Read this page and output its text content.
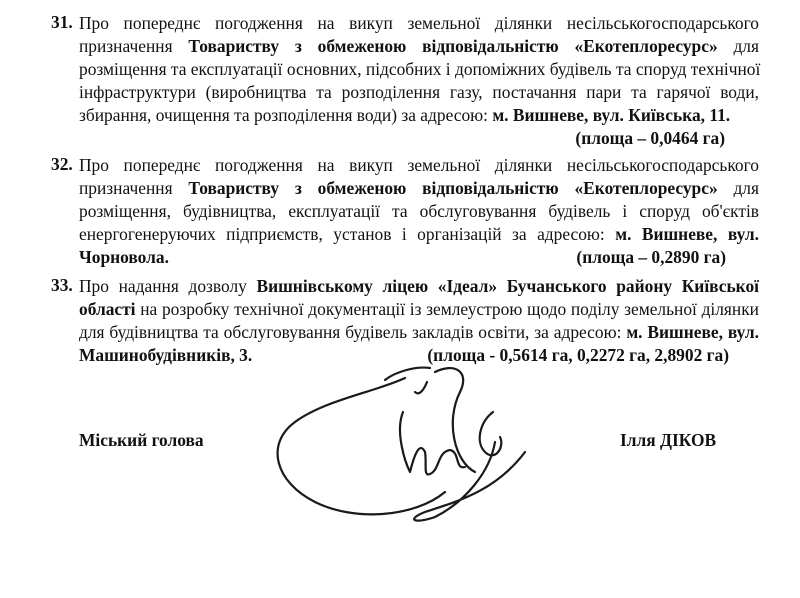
31. Про попереднє погодження на викуп земельної ділянки несільськогосподарського
призначення Товариству з обмеженою відповідальністю «Екотеплоресурс» для
розміщення та експлуатації основних, підсобних і допоміжних будівель та споруд технічної
інфраструктури (виробництва та розподілення газу, постачання пари та гарячої води,
збирання, очищення та розподілення води) за адресою: м. Вишневе, вул. Київська, 11.
(площа – 0,0464 га)
32. Про попереднє погодження на викуп земельної ділянки несільськогосподарського
призначення Товариству з обмеженою відповідальністю «Екотеплоресурс» для
розміщення, будівництва, експлуатації та обслуговування будівель і споруд об'єктів
енергогенеруючих підприємств, установ і організацій за адресою: м. Вишневе, вул.
Чорновола.	(площа – 0,2890 га)
33. Про надання дозволу Вишнівському ліцею «Ідеал» Бучанського району Київської
області на розробку технічної документації із землеустрою щодо поділу земельної ділянки
для будівництва та обслуговування будівель закладів освіти, за адресою: м. Вишневе, вул.
Машинобудівників, 3.	(площа - 0,5614 га, 0,2272 га, 2,8902 га)
Міський голова	Ілля ДІКОВ
